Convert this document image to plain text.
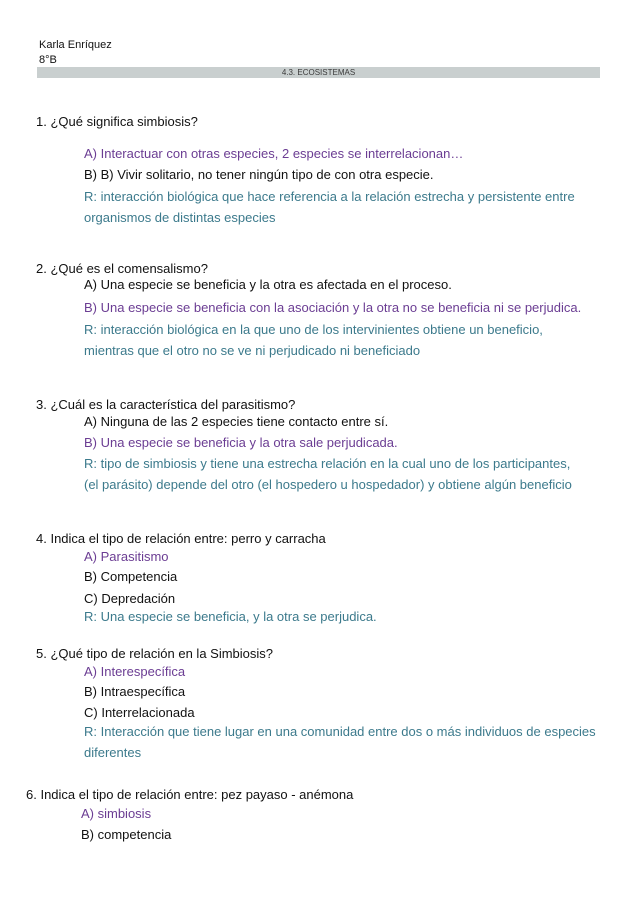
Karla Enríquez
8°B
4.3. ECOSISTEMAS
1. ¿Qué significa simbiosis?
A) Interactuar con otras especies, 2 especies se interrelacionan…
B) B) Vivir solitario, no tener ningún tipo de con otra especie.
R: interacción biológica que hace referencia a la relación estrecha y persistente entre
organismos de distintas especies
2. ¿Qué es el comensalismo?
A) Una especie se beneficia y la otra es afectada en el proceso.
B) Una especie se beneficia con la asociación y la otra no se beneficia ni se perjudica.
R: interacción biológica en la que uno de los intervinientes obtiene un beneficio,
mientras que el otro no se ve ni perjudicado ni beneficiado
3. ¿Cuál es la característica del parasitismo?
A) Ninguna de las 2 especies tiene contacto entre sí.
B) Una especie se beneficia y la otra sale perjudicada.
R: tipo de simbiosis y tiene una estrecha relación en la cual uno de los participantes,
(el parásito) depende del otro (el hospedero u hospedador) y obtiene algún beneficio
4. Indica el tipo de relación entre: perro y carracha
A) Parasitismo
B) Competencia
C) Depredación
R: Una especie se beneficia, y la otra se perjudica.
5. ¿Qué tipo de relación en la Simbiosis?
A) Interespecífica
B) Intraespecífica
C) Interrelacionada
R: Interacción que tiene lugar en una comunidad entre dos o más individuos de especies
diferentes
6. Indica el tipo de relación entre: pez payaso - anémona
A) simbiosis
B) competencia
